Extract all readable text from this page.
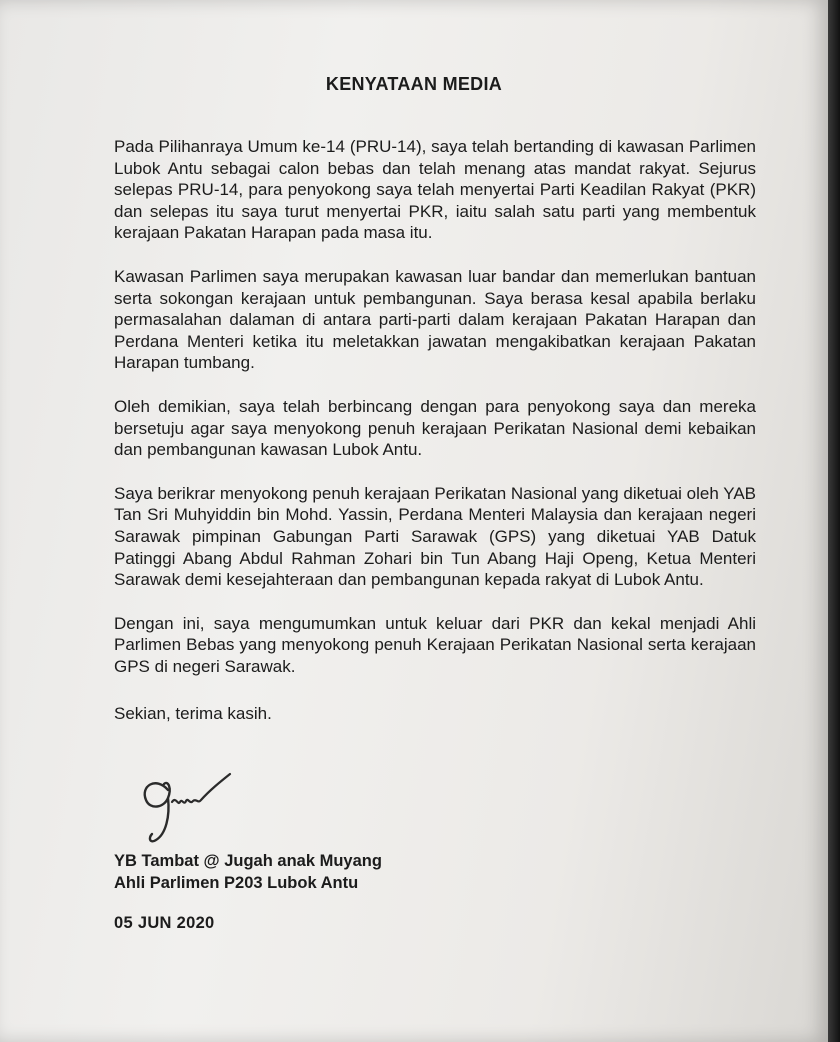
KENYATAAN MEDIA

Pada Pilihanraya Umum ke-14 (PRU-14), saya telah bertanding di kawasan Parlimen Lubok Antu sebagai calon bebas dan telah menang atas mandat rakyat. Sejurus selepas PRU-14, para penyokong saya telah menyertai Parti Keadilan Rakyat (PKR) dan selepas itu saya turut menyertai PKR, iaitu salah satu parti yang membentuk kerajaan Pakatan Harapan pada masa itu.

Kawasan Parlimen saya merupakan kawasan luar bandar dan memerlukan bantuan serta sokongan kerajaan untuk pembangunan. Saya berasa kesal apabila berlaku permasalahan dalaman di antara parti-parti dalam kerajaan Pakatan Harapan dan Perdana Menteri ketika itu meletakkan jawatan mengakibatkan kerajaan Pakatan Harapan tumbang.

Oleh demikian, saya telah berbincang dengan para penyokong saya dan mereka bersetuju agar saya menyokong penuh kerajaan Perikatan Nasional demi kebaikan dan pembangunan kawasan Lubok Antu.

Saya berikrar menyokong penuh kerajaan Perikatan Nasional yang diketuai oleh YAB Tan Sri Muhyiddin bin Mohd. Yassin, Perdana Menteri Malaysia dan kerajaan negeri Sarawak pimpinan Gabungan Parti Sarawak (GPS) yang diketuai YAB Datuk Patinggi Abang Abdul Rahman Zohari bin Tun Abang Haji Openg, Ketua Menteri Sarawak demi kesejahteraan dan pembangunan kepada rakyat di Lubok Antu.

Dengan ini, saya mengumumkan untuk keluar dari PKR dan kekal menjadi Ahli Parlimen Bebas yang menyokong penuh Kerajaan Perikatan Nasional serta kerajaan GPS di negeri Sarawak.

Sekian, terima kasih.
YB Tambat @ Jugah anak Muyang
Ahli Parlimen P203 Lubok Antu
05 JUN 2020
